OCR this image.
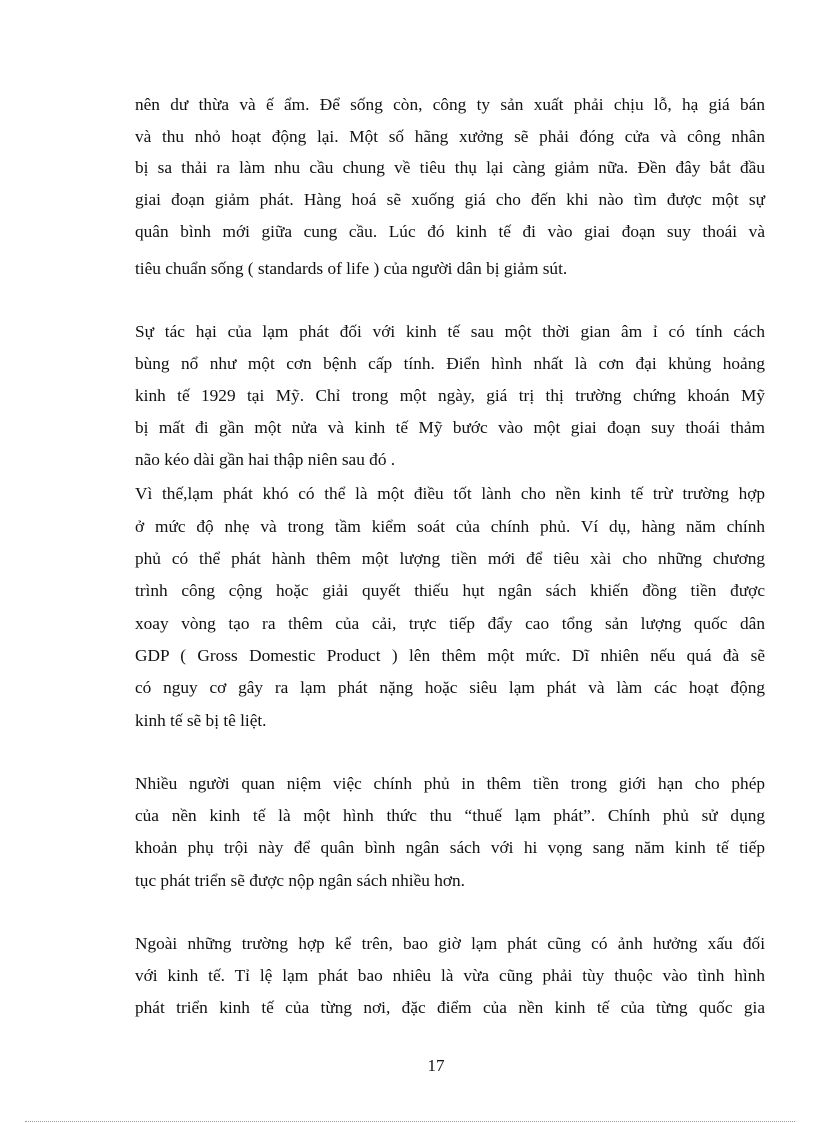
nên dư thừa và ế ẩm. Để sống còn, công ty sản xuất phải chịu lỗ, hạ giá bán
và thu nhỏ hoạt động lại. Một số hãng xưởng sẽ phải đóng cửa và công nhân
bị sa thải ra làm nhu cầu chung về tiêu thụ lại càng giảm nữa. Đền đây bắt đầu
giai đoạn giảm phát. Hàng hoá sẽ xuống giá cho đến khi nào tìm được một sự
quân bình mới giữa cung cầu. Lúc đó kinh tế đi vào giai đoạn suy thoái và
tiêu chuẩn sống ( standards of life ) của người dân bị giảm sút.
Sự tác hại của lạm phát đối với kinh tế sau một thời gian âm ỉ có tính cách
bùng nổ như một cơn bệnh cấp tính. Điển hình nhất là cơn đại khủng hoảng
kinh tế 1929 tại Mỹ. Chỉ trong một ngày, giá trị thị trường chứng khoán Mỹ
bị mất đi gần một nửa và kinh tế Mỹ bước vào một giai đoạn suy thoái thảm
não kéo dài gần hai thập niên sau đó .
Vì thế,lạm phát khó có thể là một điều tốt lành cho nền kinh tế trừ trường hợp
ở mức độ nhẹ và trong tầm kiểm soát của chính phủ. Ví dụ, hàng năm chính
phủ có thể phát hành thêm một lượng tiền mới để tiêu xài cho những chương
trình công cộng hoặc giải quyết thiếu hụt ngân sách khiến đồng tiền được
xoay vòng tạo ra thêm của cải, trực tiếp đẩy cao tổng sản lượng quốc dân
GDP ( Gross Domestic Product ) lên thêm một mức. Dĩ nhiên nếu quá đà sẽ
có nguy cơ gây ra lạm phát nặng hoặc siêu lạm phát và làm các hoạt động
kinh tế sẽ bị tê liệt.
Nhiều người quan niệm việc chính phủ in thêm tiền trong giới hạn cho phép
của nền kinh tế là một hình thức thu “thuế lạm phát”. Chính phủ sử dụng
khoản phụ trội này để quân bình ngân sách với hi vọng sang năm kinh tế tiếp
tục phát triển sẽ được nộp ngân sách nhiều hơn.
Ngoài những trường hợp kể trên, bao giờ lạm phát cũng có ảnh hưởng xấu đối
với kinh tế. Tỉ lệ lạm phát bao nhiêu là vừa cũng phải tùy thuộc vào tình hình
phát triển kinh tế của từng nơi, đặc điểm của nền kinh tế của từng quốc gia
17
